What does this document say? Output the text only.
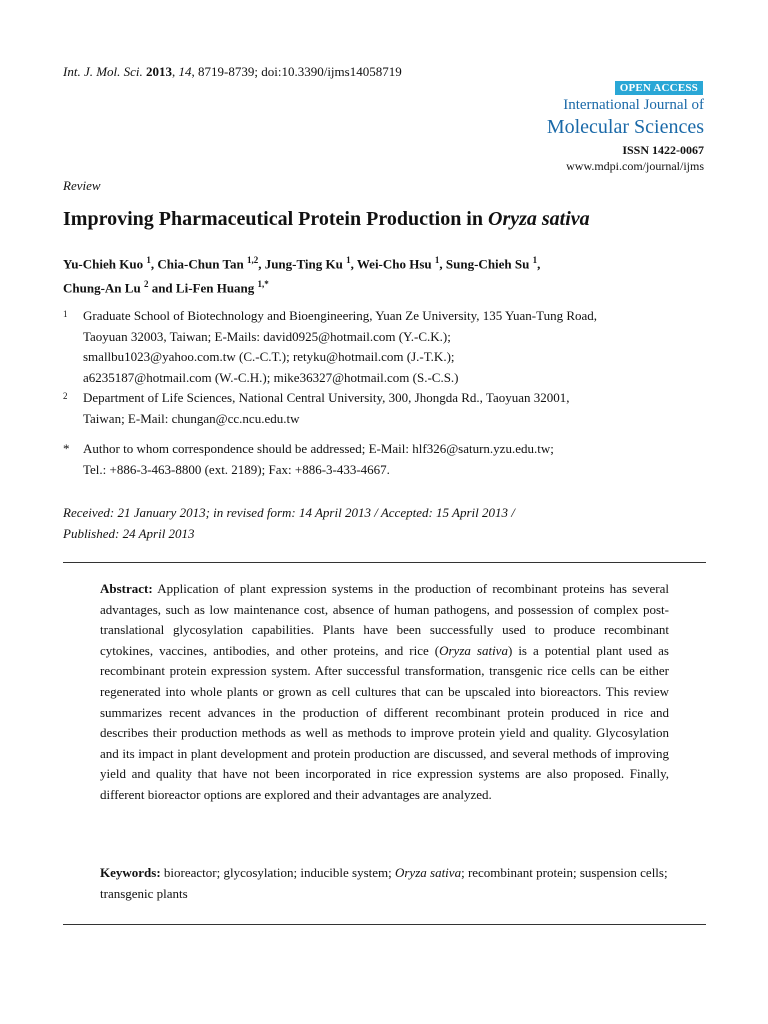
Int. J. Mol. Sci. 2013, 14, 8719-8739; doi:10.3390/ijms14058719
OPEN ACCESS
International Journal of
Molecular Sciences
ISSN 1422-0067
www.mdpi.com/journal/ijms
Review
Improving Pharmaceutical Protein Production in Oryza sativa
Yu-Chieh Kuo $^1$, Chia-Chun Tan $^{1,2}$, Jung-Ting Ku $^1$, Wei-Cho Hsu $^1$, Sung-Chieh Su $^1$,
Chung-An Lu $^2$ and Li-Fen Huang $^{1,*}$
1 Graduate School of Biotechnology and Bioengineering, Yuan Ze University, 135 Yuan-Tung Road,
Taoyuan 32003, Taiwan; E-Mails: david0925@hotmail.com (Y.-C.K.);
smallbu1023@yahoo.com.tw (C.-C.T.); retyku@hotmail.com (J.-T.K.);
a6235187@hotmail.com (W.-C.H.); mike36327@hotmail.com (S.-C.S.)
2 Department of Life Sciences, National Central University, 300, Jhongda Rd., Taoyuan 32001,
Taiwan; E-Mail: chungan@cc.ncu.edu.tw
* Author to whom correspondence should be addressed; E-Mail: hlf326@saturn.yzu.edu.tw;
Tel.: +886-3-463-8800 (ext. 2189); Fax: +886-3-433-4667.
Received: 21 January 2013; in revised form: 14 April 2013 / Accepted: 15 April 2013 /
Published: 24 April 2013
Abstract: Application of plant expression systems in the production of recombinant proteins has several advantages, such as low maintenance cost, absence of human pathogens, and possession of complex post-translational glycosylation capabilities. Plants have been successfully used to produce recombinant cytokines, vaccines, antibodies, and other proteins, and rice (Oryza sativa) is a potential plant used as recombinant protein expression system. After successful transformation, transgenic rice cells can be either regenerated into whole plants or grown as cell cultures that can be upscaled into bioreactors. This review summarizes recent advances in the production of different recombinant protein produced in rice and describes their production methods as well as methods to improve protein yield and quality. Glycosylation and its impact in plant development and protein production are discussed, and several methods of improving yield and quality that have not been incorporated in rice expression systems are also proposed. Finally, different bioreactor options are explored and their advantages are analyzed.
Keywords: bioreactor; glycosylation; inducible system; Oryza sativa; recombinant protein; suspension cells; transgenic plants
